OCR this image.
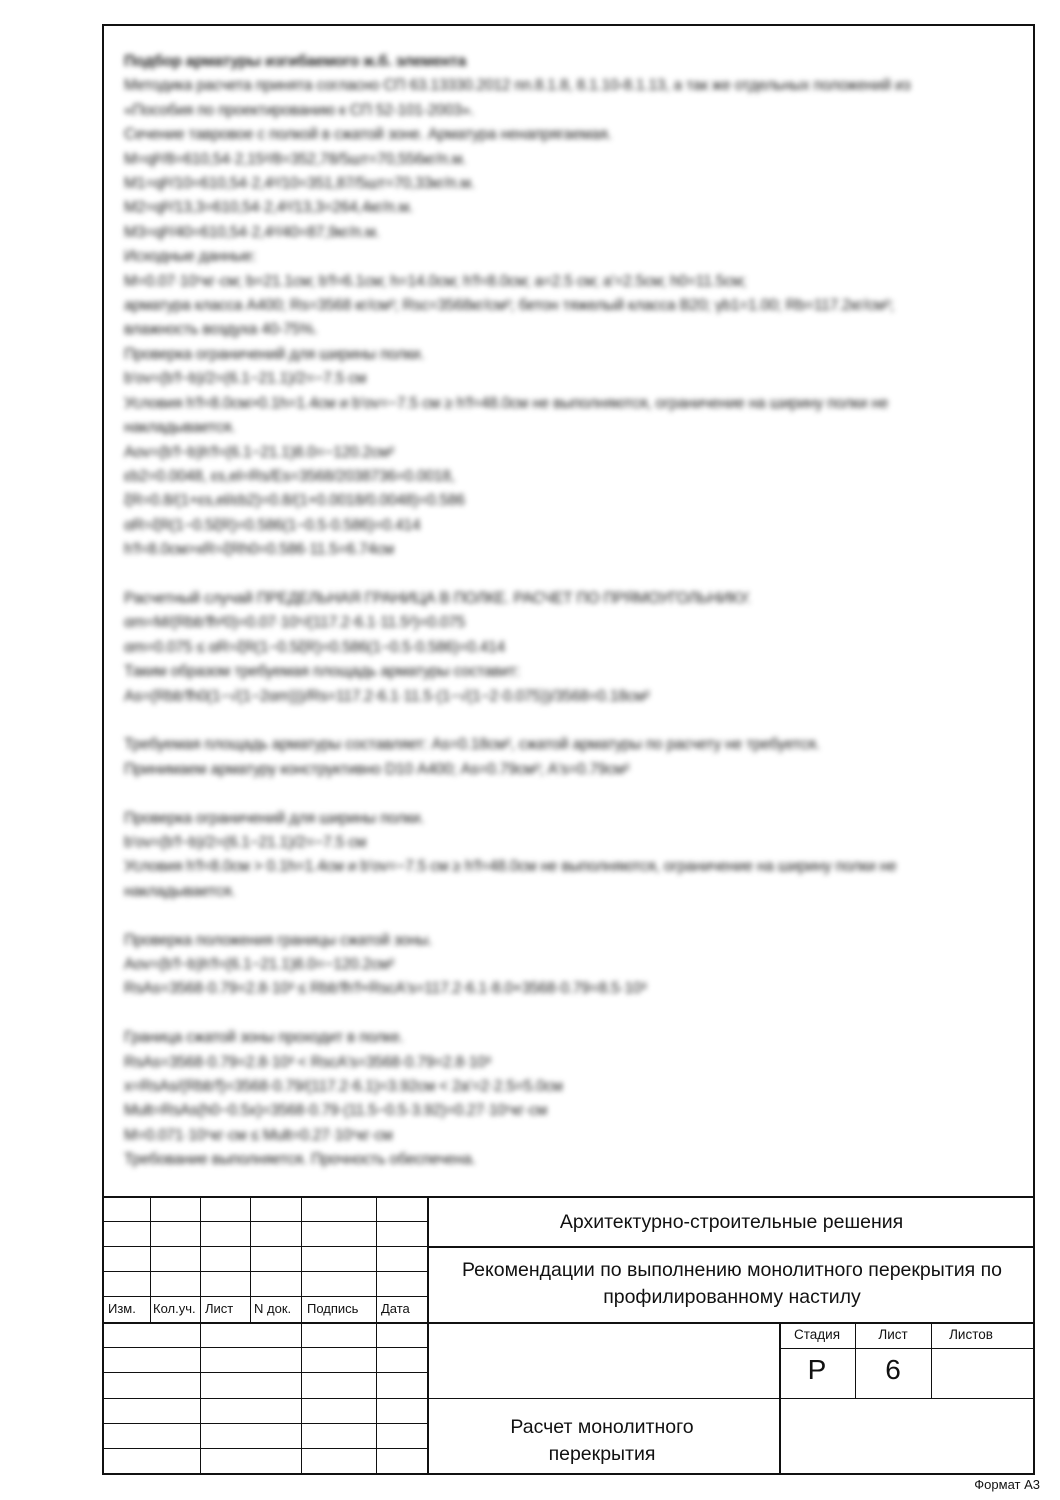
Подбор арматуры изгибаемого ж.б. элемента

Методика расчета принята согласно СП 63.13330.2012 пп.8.1.8, 8.1.10-8.1.13, а так же отдельных положений из

«Пособия по проектированию к СП 52-101-2003».

Сечение тавровое с полкой в сжатой зоне. Арматура ненапрягаемая.

M=ql²/8=610,54·2,15²/8=352,78/5шт=70,556кг/п.м.

M1=ql²/10=610,54·2,4²/10=351,87/5шт=70,33кг/п.м.

M2=ql²/13,3=610,54·2,4²/13,3=264,4кг/п.м.

M3=ql²/40=610,54·2,4²/40=87,9кг/п.м.

Исходные данные:

M=0.07·10⁵кг·см; b=21.1см; b'f=6.1см; h=14.0см; h'f=8.0см; a=2.5 см; a'=2.5см; h0=11.5см;

арматура класса А400; Rs=3568 кг/см²; Rsc=3568кг/см²; бетон тяжелый класса В20; γb1=1.00; Rb=117.2кг/см²;

влажность воздуха 40-75%.

Проверка ограничений для ширины полки.

b'ov=(b'f−b)/2=(6.1−21.1)/2=−7.5 см

Условия h'f=8.0см>0.1h=1.4см и b'ov=−7.5 см ≥ h'f=48.0см не выполняются, ограничение на ширину полки не

накладывается.

Aov=(b'f−b)h'f=(6.1−21.1)8.0=−120.2см²

εb2=0.0048, εs,el=Rs/Es=3568/2038736=0.0018,

ξR=0.8/(1+εs,el/εb2)=0.8/(1+0.0018/0.0048)=0.586

αR=ξR(1−0.5ξR)=0.586(1−0.5·0.586)=0.414

h'f=8.0см>xR=ξRh0=0.586·11.5=6.74см

Расчетный случай ПРЕДЕЛЬНАЯ ГРАНИЦА В ПОЛКЕ. РАСЧЕТ ПО ПРЯМОУГОЛЬНИКУ.

αm=M/(Rbb'fh²0)=0.07·10⁵/(117.2·6.1·11.5²)=0.075

αm=0.075 ≤ αR=ξR(1−0.5ξR)=0.586(1−0.5·0.586)=0.414

Таким образом требуемая площадь арматуры составит:

As=(Rbb'fh0(1−√(1−2αm)))/Rs=117.2·6.1·11.5·(1−√(1−2·0.075))/3568=0.18см²

Требуемая площадь арматуры составляет: As=0.18см², сжатой арматуры по расчету не требуется.

Принимаем арматуру конструктивно D10 А400; As=0.79см²; A's=0.79см²

Проверка ограничений для ширины полки.

b'ov=(b'f−b)/2=(6.1−21.1)/2=−7.5 см

Условия h'f=8.0см > 0.1h=1.4см и b'ov=−7.5 см ≥ h'f=48.0см не выполняются, ограничение на ширину полки не

накладывается.

Проверка положения границы сжатой зоны.

Aov=(b'f−b)h'f=(6.1−21.1)8.0=−120.2см²

RsAs=3568·0.79=2.8·10³ ≤ Rbb'fh'f+RscA's=117.2·6.1·8.0+3568·0.79=8.5·10³

Граница сжатой зоны проходит в полке.

RsAs=3568·0.79=2.8·10³ < RscA's=3568·0.79=2.8·10³

x=RsAs/(Rbb'f)=3568·0.79/(117.2·6.1)=3.92см < 2a'=2·2.5=5.0см

Mult=RsAs(h0−0.5x)=3568·0.79·(11.5−0.5·3.92)=0.27·10⁵кг·см

M=0.071·10⁵кг·см ≤ Mult=0.27·10⁵кг·см

Требование выполняется. Прочность обеспечена.

Изм. Кол.уч. Лист N док. Подпись Дата
Архитектурно-строительные решения
Рекомендации по выполнению монолитного перекрытия по профилированному настилу
Расчет монолитного перекрытия
Стадия	Лист	Листов
Р	6
Формат А3
